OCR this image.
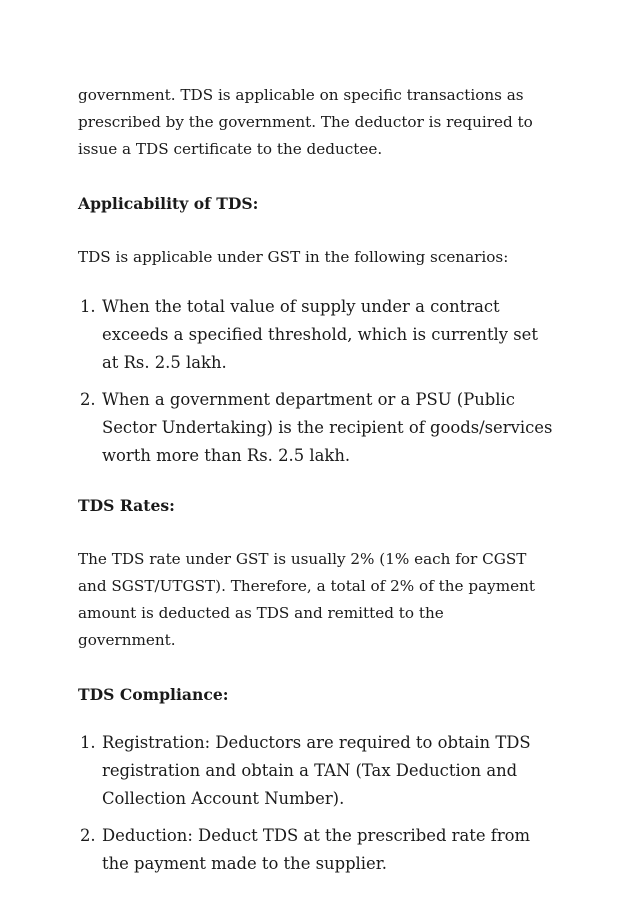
government. TDS is applicable on specific transactions as prescribed by the government. The deductor is required to issue a TDS certificate to the deductee.

Applicability of TDS:

TDS is applicable under GST in the following scenarios:

1. When the total value of supply under a contract exceeds a specified threshold, which is currently set at Rs. 2.5 lakh.
2. When a government department or a PSU (Public Sector Undertaking) is the recipient of goods/services worth more than Rs. 2.5 lakh.
TDS Rates:

The TDS rate under GST is usually 2% (1% each for CGST and SGST/UTGST). Therefore, a total of 2% of the payment amount is deducted as TDS and remitted to the government.

TDS Compliance:
1. Registration: Deductors are required to obtain TDS registration and obtain a TAN (Tax Deduction and Collection Account Number).
2. Deduction: Deduct TDS at the prescribed rate from the payment made to the supplier.
